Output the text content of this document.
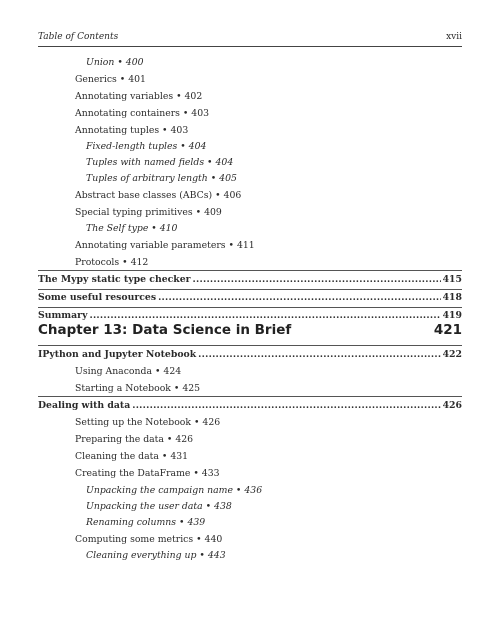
Table of Contents	xvii
Union • 400
Generics • 401
Annotating variables • 402
Annotating containers • 403
Annotating tuples • 403
Fixed-length tuples • 404
Tuples with named fields • 404
Tuples of arbitrary length • 405
Abstract base classes (ABCs) • 406
Special typing primitives • 409
The Self type • 410
Annotating variable parameters • 411
Protocols • 412
The Mypy static type checker . . .	415
Some useful resources . . .	418
Summary . . .	419
Chapter 13: Data Science in Brief	421
IPython and Jupyter Notebook . . .	422
Using Anaconda • 424
Starting a Notebook • 425
Dealing with data . . .	426
Setting up the Notebook • 426
Preparing the data • 426
Cleaning the data • 431
Creating the DataFrame • 433
Unpacking the campaign name • 436
Unpacking the user data • 438
Renaming columns • 439
Computing some metrics • 440
Cleaning everything up • 443
